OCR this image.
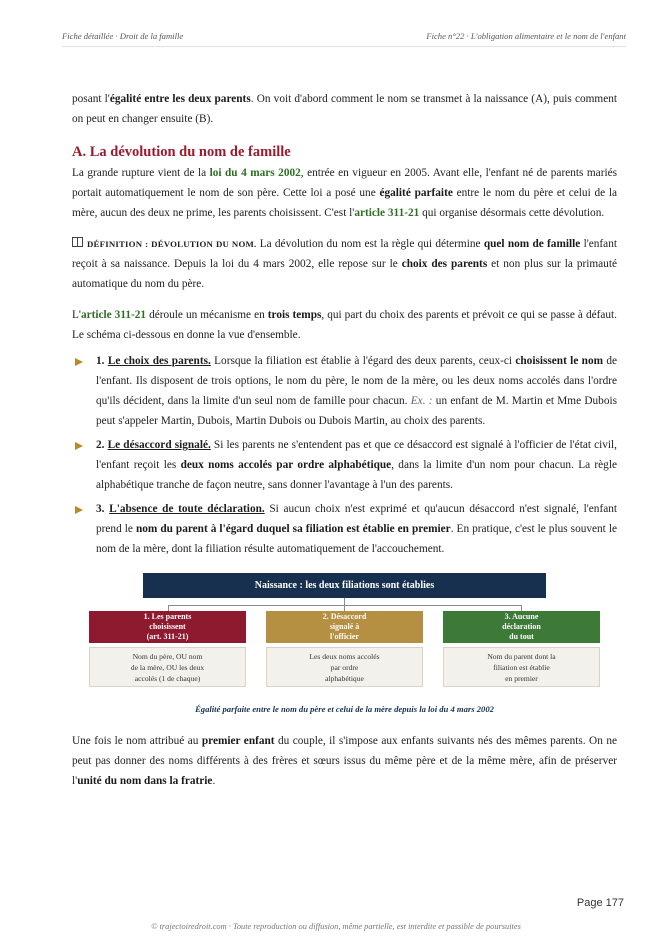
Fiche détaillée · Droit de la famille	Fiche n°22 · L'obligation alimentaire et le nom de l'enfant

posant l'égalité entre les deux parents. On voit d'abord comment le nom se transmet à la naissance (A), puis comment on peut en changer ensuite (B).

A. La dévolution du nom de famille

La grande rupture vient de la loi du 4 mars 2002, entrée en vigueur en 2005. Avant elle, l'enfant né de parents mariés portait automatiquement le nom de son père. Cette loi a posé une égalité parfaite entre le nom du père et celui de la mère, aucun des deux ne prime, les parents choisissent. C'est l'article 311-21 qui organise désormais cette dévolution.

DÉFINITION : DÉVOLUTION DU NOM. La dévolution du nom est la règle qui détermine quel nom de famille l'enfant reçoit à sa naissance. Depuis la loi du 4 mars 2002, elle repose sur le choix des parents et non plus sur la primauté automatique du nom du père.

L'article 311-21 déroule un mécanisme en trois temps, qui part du choix des parents et prévoit ce qui se passe à défaut. Le schéma ci-dessous en donne la vue d'ensemble.

1. Le choix des parents. Lorsque la filiation est établie à l'égard des deux parents, ceux-ci choisissent le nom de l'enfant. Ils disposent de trois options, le nom du père, le nom de la mère, ou les deux noms accolés dans l'ordre qu'ils décident, dans la limite d'un seul nom de famille pour chacun. Ex. : un enfant de M. Martin et Mme Dubois peut s'appeler Martin, Dubois, Martin Dubois ou Dubois Martin, au choix des parents.

2. Le désaccord signalé. Si les parents ne s'entendent pas et que ce désaccord est signalé à l'officier de l'état civil, l'enfant reçoit les deux noms accolés par ordre alphabétique, dans la limite d'un nom pour chacun. La règle alphabétique tranche de façon neutre, sans donner l'avantage à l'un des parents.

3. L'absence de toute déclaration. Si aucun choix n'est exprimé et qu'aucun désaccord n'est signalé, l'enfant prend le nom du parent à l'égard duquel sa filiation est établie en premier. En pratique, c'est le plus souvent le nom de la mère, dont la filiation résulte automatiquement de l'accouchement.

Naissance : les deux filiations sont établies
1. Les parents
choisissent
(art. 311-21)
Nom du père, OU nom
de la mère, OU les deux
accolés (1 de chaque)
2. Désaccord
signalé à
l'officier
Les deux noms accolés
par ordre
alphabétique
3. Aucune
déclaration
du tout
Nom du parent dont la
filiation est établie
en premier
Égalité parfaite entre le nom du père et celui de la mère depuis la loi du 4 mars 2002

Une fois le nom attribué au premier enfant du couple, il s'impose aux enfants suivants nés des mêmes parents. On ne peut pas donner des noms différents à des frères et sœurs issus du même père et de la même mère, afin de préserver l'unité du nom dans la fratrie.

Page 177
© trajectoiredroit.com · Toute reproduction ou diffusion, même partielle, est interdite et passible de poursuites
